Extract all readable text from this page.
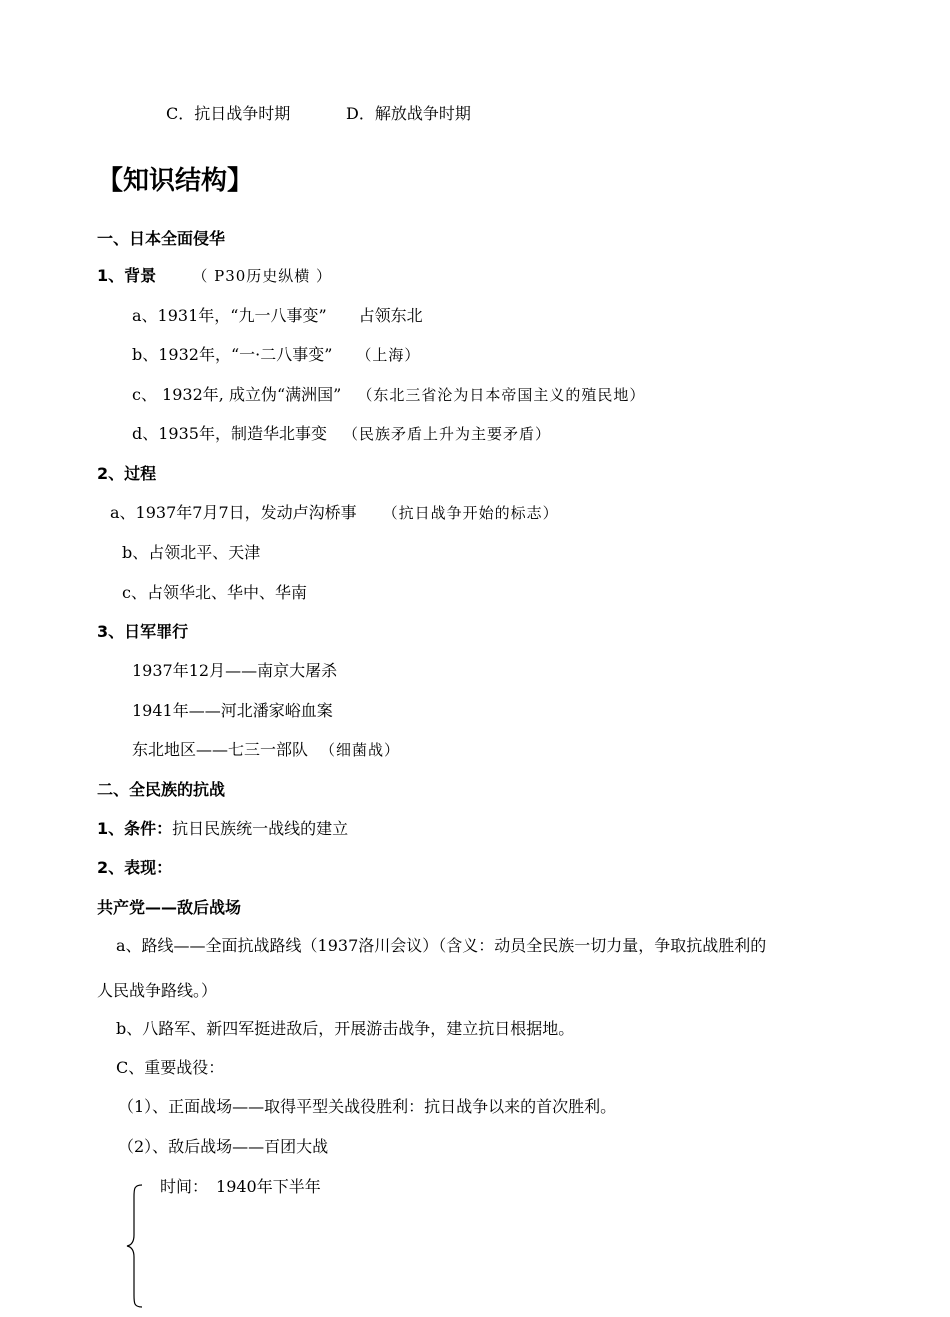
C．抗日战争时期	D．解放战争时期
【知识结构】
一、日本全面侵华
1、背景 （ P30历史纵横 ）
a、1931年，“九一八事变” 占领东北
b、1932年，“一·二八事变” （上海）
c、 1932年, 成立伪“满洲国” （东北三省沦为日本帝国主义的殖民地）
d、1935年，制造华北事变 （民族矛盾上升为主要矛盾）
2、过程
a、1937年7月7日，发动卢沟桥事 （抗日战争开始的标志）
b、占领北平、天津
c、占领华北、华中、华南
3、日军罪行
1937年12月——南京大屠杀
1941年——河北潘家峪血案
东北地区——七三一部队 （细菌战）
二、全民族的抗战
1、条件：抗日民族统一战线的建立
2、表现：
共产党——敌后战场
a、路线——全面抗战路线（1937洛川会议）（含义：动员全民族一切力量，争取抗战胜利的
人民战争路线。）
b、八路军、新四军挺进敌后，开展游击战争，建立抗日根据地。
C、重要战役：
（1）、正面战场——取得平型关战役胜利：抗日战争以来的首次胜利。
（2）、敌后战场——百团大战
时间： 1940年下半年
